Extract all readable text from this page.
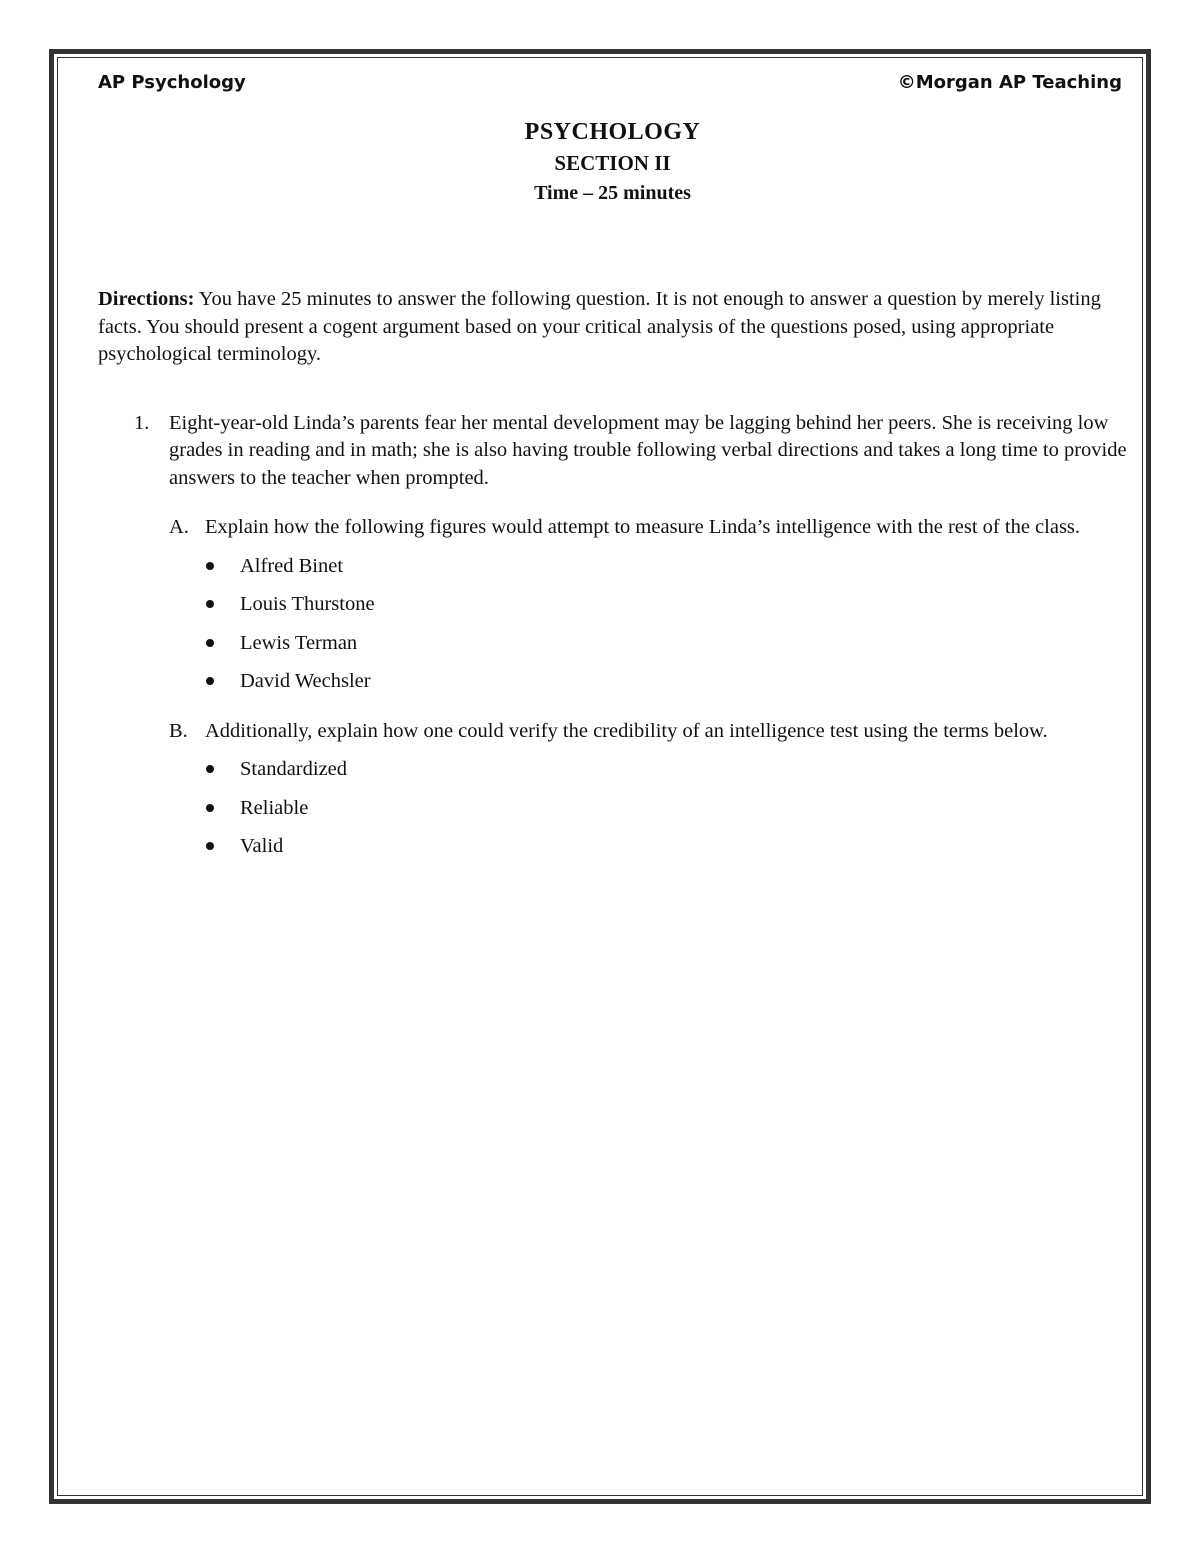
AP Psychology	©Morgan AP Teaching
PSYCHOLOGY
SECTION II
Time – 25 minutes

Directions: You have 25 minutes to answer the following question. It is not enough to answer a question by merely listing facts. You should present a cogent argument based on your critical analysis of the questions posed, using appropriate psychological terminology.

1. Eight-year-old Linda’s parents fear her mental development may be lagging behind her peers. She is receiving low grades in reading and in math; she is also having trouble following verbal directions and takes a long time to provide answers to the teacher when prompted.

A. Explain how the following figures would attempt to measure Linda’s intelligence with the rest of the class.

Alfred Binet
Louis Thurstone
Lewis Terman
David Wechsler
B. Additionally, explain how one could verify the credibility of an intelligence test using the terms below.

Standardized
Reliable
Valid
